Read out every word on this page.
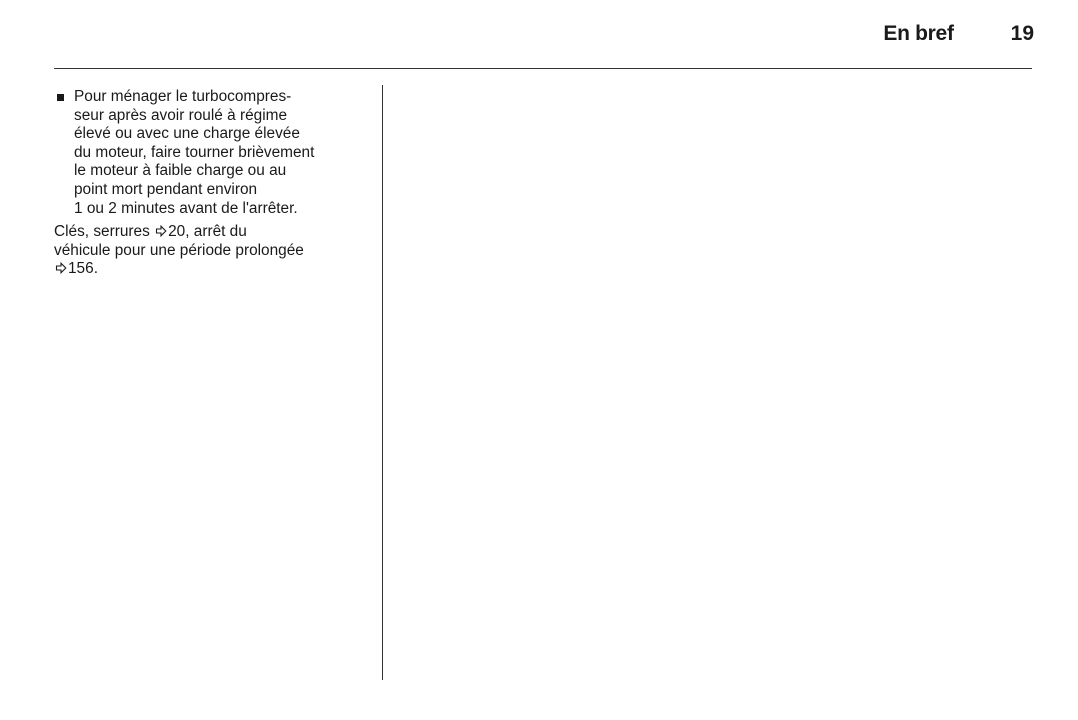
En bref	19
Pour ménager le turbocompres-
seur après avoir roulé à régime
élevé ou avec une charge élevée
du moteur, faire tourner brièvement
le moteur à faible charge ou au
point mort pendant environ
1 ou 2 minutes avant de l'arrêter.
Clés, serrures 20, arrêt du
véhicule pour une période prolongée
156.
